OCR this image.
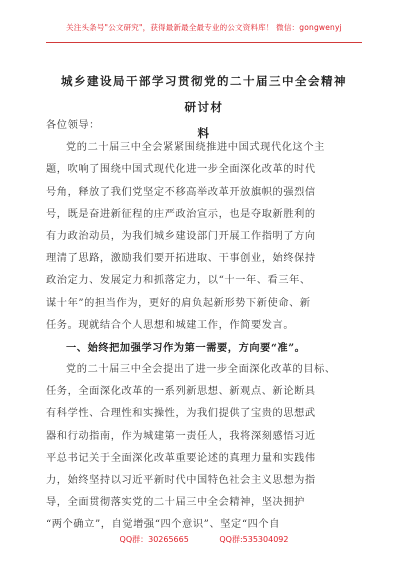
关注头条号"公文研究"，获得最新最全最专业的公文资料库！ 微信：gongwenyj
城乡建设局干部学习贯彻党的二十届三中全会精神研讨材
料
各位领导：
党的二十届三中全会紧紧围绕推进中国式现代化这个主
题，吹响了围绕中国式现代化进一步全面深化改革的时代
号角，释放了我们党坚定不移高举改革开放旗帜的强烈信
号，既是奋进新征程的庄严政治宣示，也是夺取新胜利的
有力政治动员，为我们城乡建设部门开展工作指明了方向
理清了思路，激励我们要开拓进取、干事创业，始终保持
政治定力、发展定力和抓落定力，以“十一年、看三年、
谋十年”的担当作为，更好的肩负起新形势下新使命、新
任务。现就结合个人思想和城建工作，作简要发言。
一、始终把加强学习作为第一需要，方向要“准”。
党的二十届三中全会提出了进一步全面深化改革的目标、
任务，全面深化改革的一系列新思想、新观点、新论断具
有科学性、合理性和实操性，为我们提供了宝贵的思想武
器和行动指南，作为城建第一责任人，我将深刻感悟习近
平总书记关于全面深化改革重要论述的真理力量和实践伟
力，始终坚持以习近平新时代中国特色社会主义思想为指
导，全面贯彻落实党的二十届三中全会精神，坚决拥护
“两个确立”，自觉增强“四个意识”、坚定“四个自
QQ群：30265665	QQ群:535304092
